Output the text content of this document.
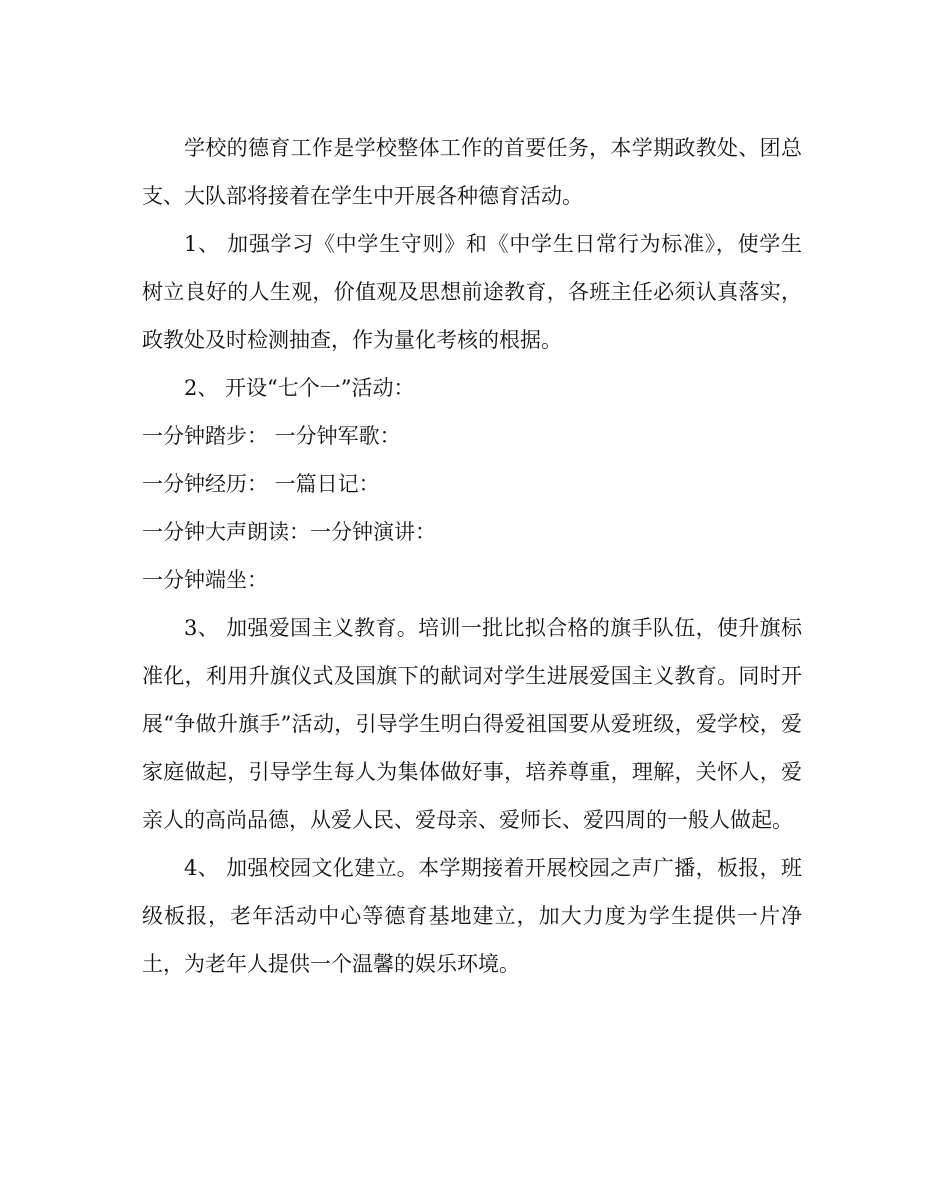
学校的德育工作是学校整体工作的首要任务，本学期政教处、团总支、大队部将接着在学生中开展各种德育活动。

1、 加强学习《中学生守则》和《中学生日常行为标准》，使学生树立良好的人生观，价值观及思想前途教育，各班主任必须认真落实，政教处及时检测抽查，作为量化考核的根据。

2、 开设“七个一”活动：

一分钟踏步： 一分钟军歌：

一分钟经历： 一篇日记：

一分钟大声朗读：一分钟演讲：

一分钟端坐：

3、 加强爱国主义教育。培训一批比拟合格的旗手队伍，使升旗标准化，利用升旗仪式及国旗下的献词对学生进展爱国主义教育。同时开展“争做升旗手”活动，引导学生明白得爱祖国要从爱班级，爱学校，爱家庭做起，引导学生每人为集体做好事，培养尊重，理解，关怀人，爱亲人的高尚品德，从爱人民、爱母亲、爱师长、爱四周的一般人做起。

4、 加强校园文化建立。本学期接着开展校园之声广播，板报，班级板报，老年活动中心等德育基地建立，加大力度为学生提供一片净土，为老年人提供一个温馨的娱乐环境。
